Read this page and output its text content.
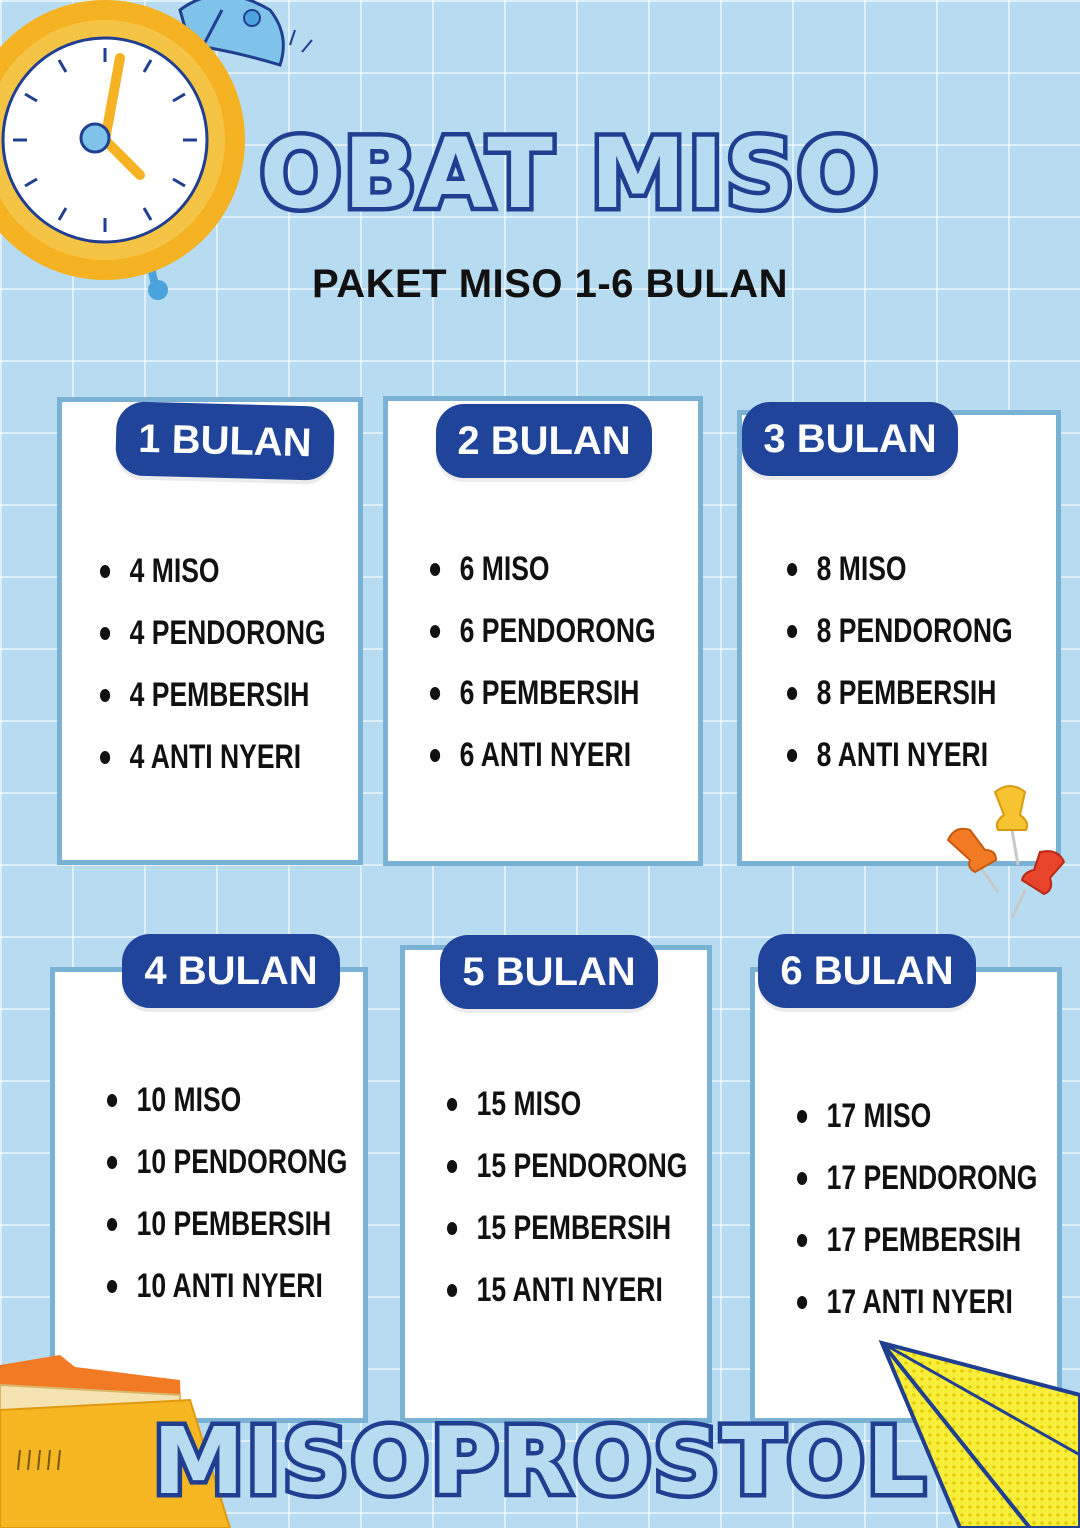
OBAT MISO
PAKET MISO 1-6 BULAN
1 BULAN
4 MISO
4 PENDORONG
4 PEMBERSIH
4 ANTI NYERI
2 BULAN
6 MISO
6 PENDORONG
6 PEMBERSIH
6 ANTI NYERI
3 BULAN
8 MISO
8 PENDORONG
8 PEMBERSIH
8 ANTI NYERI
4 BULAN
10 MISO
10 PENDORONG
10 PEMBERSIH
10 ANTI NYERI
5 BULAN
15 MISO
15 PENDORONG
15 PEMBERSIH
15 ANTI NYERI
6 BULAN
17 MISO
17 PENDORONG
17 PEMBERSIH
17 ANTI NYERI
MISOPROSTOL
